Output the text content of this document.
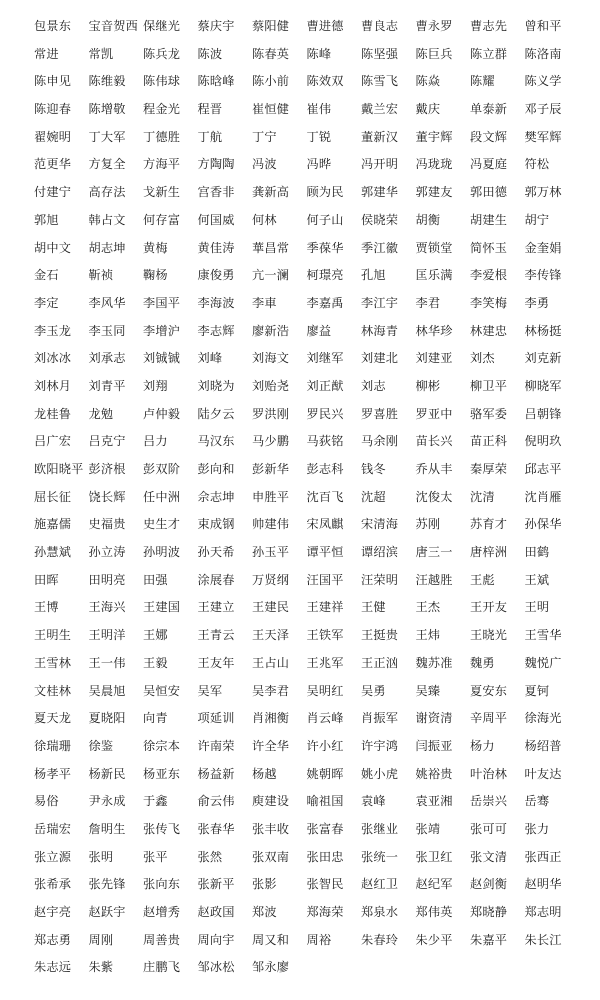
包景东	宝音贺西 保继光	蔡庆宇	蔡阳健	曹进德	曹良志	曹永罗	曹志先	曾和平
常进	常凯	陈兵龙	陈波	陈春英	陈峰	陈坚强	陈巨兵	陈立群	陈洛南
陈申见	陈维毅	陈伟球	陈晗峰	陈小前	陈效双	陈雪飞	陈焱	陈耀	陈义学
陈迎春	陈增敬	程金光	程晋	崔恒健	崔伟	戴兰宏	戴庆	单泰新	邓子辰
翟婉明	丁大军	丁德胜	丁航	丁宁	丁锐	董新汉	董宇辉	段文辉	樊军辉
范更华	方复全	方海平	方陶陶	冯波	冯晔	冯开明	冯珑珑	冯夏庭	符松
付建宁	高存法	戈新生	宫香非	龚新高	顾为民	郭建华	郭建友	郭田德	郭万林
郭旭	韩占文	何存富	何国威	何林	何子山	侯晓荣	胡衡	胡建生	胡宁
胡中文	胡志坤	黄梅	黄佳涛	華昌常	季葆华	季江徽	贾锁堂	简怀玉	金奎娟
金石	靳祯	鞠杨	康俊勇	亢一澜	柯璟亮	孔旭	匡乐满	李爱根	李传锋
李定	李风华	李国平	李海波	李車	李嘉禹	李江宇	李君	李笑梅	李勇
李玉龙	李玉同	李增沪	李志辉	廖新浩	廖益	林海青	林华珍	林建忠	林杨挺
刘冰冰	刘承志	刘铖铖	刘峰	刘海文	刘继军	刘建北	刘建亚	刘杰	刘克新
刘林月	刘青平	刘翔	刘晓为	刘贻尧	刘正猷	刘志	柳彬	柳卫平	柳晓军
龙桂鲁	龙勉	卢仲毅	陆夕云	罗洪刚	罗民兴	罗喜胜	罗亚中	骆军委	吕朝锋
吕广宏	吕克宁	吕力	马汉东	马少鹏	马荻铭	马余刚	苗长兴	苗正科	倪明玖
欧阳晓平 彭济根	彭双阶	彭向和	彭新华	彭志科	钱冬	乔从丰	秦厚荣	邱志平
屈长征	饶长辉	任中洲	佘志坤	申胜平	沈百飞	沈超	沈俊太	沈清	沈肖雁
施嘉儒	史福贵	史生才	束成钢	帅建伟	宋凤麒	宋清海	苏刚	苏育才	孙保华
孙慧斌	孙立涛	孙明波	孙天希	孙玉平	谭平恒	谭绍滨	唐三一	唐梓洲	田鹤
田晖	田明亮	田强	涂展春	万贤纲	汪国平	汪荣明	汪越胜	王彪	王斌
王博	王海兴	王建国	王建立	王建民	王建祥	王健	王杰	王开友	王明
王明生	王明洋	王娜	王青云	王天泽	王铁军	王挺贵	王炜	王晓光	王雪华
王雪林	王一伟	王毅	王友年	王占山	王兆军	王正汹	魏苏准	魏勇	魏悦广
文桂林	吴晨旭	吴恒安	吴军	吴李君	吴明红	吴勇	吴臻	夏安东	夏钶
夏天龙	夏晓阳	向青	项延训	肖湘衡	肖云峰	肖振军	谢资清	辛周平	徐海光
徐瑞珊	徐鉴	徐宗本	许南荣	许全华	许小红	许宇鸿	闫振亚	杨力	杨绍普
杨孝平	杨新民	杨亚东	杨益新	杨越	姚朝晖	姚小虎	姚裕贵	叶治林	叶友达
易俗	尹永成	于鑫	俞云伟	庾建设	喻祖国	袁峰	袁亚湘	岳崇兴	岳骞
岳瑞宏	詹明生	张传飞	张春华	张丰收	张富春	张继业	张靖	张可可	张力
张立源	张明	张平	张然	张双南	张田忠	张统一	张卫红	张文清	张西正
张希承	张先锋	张向东	张新平	张影	张智民	赵红卫	赵纪军	赵剑衡	赵明华
赵宇亮	赵跃宇	赵增秀	赵政国	郑波	郑海荣	郑泉水	郑伟英	郑晓静	郑志明
郑志勇	周刚	周善贵	周向宇	周又和	周裕	朱春玲	朱少平	朱嘉平	朱长江
朱志远	朱紫	庄鹏飞	邹冰松	邹永廖
